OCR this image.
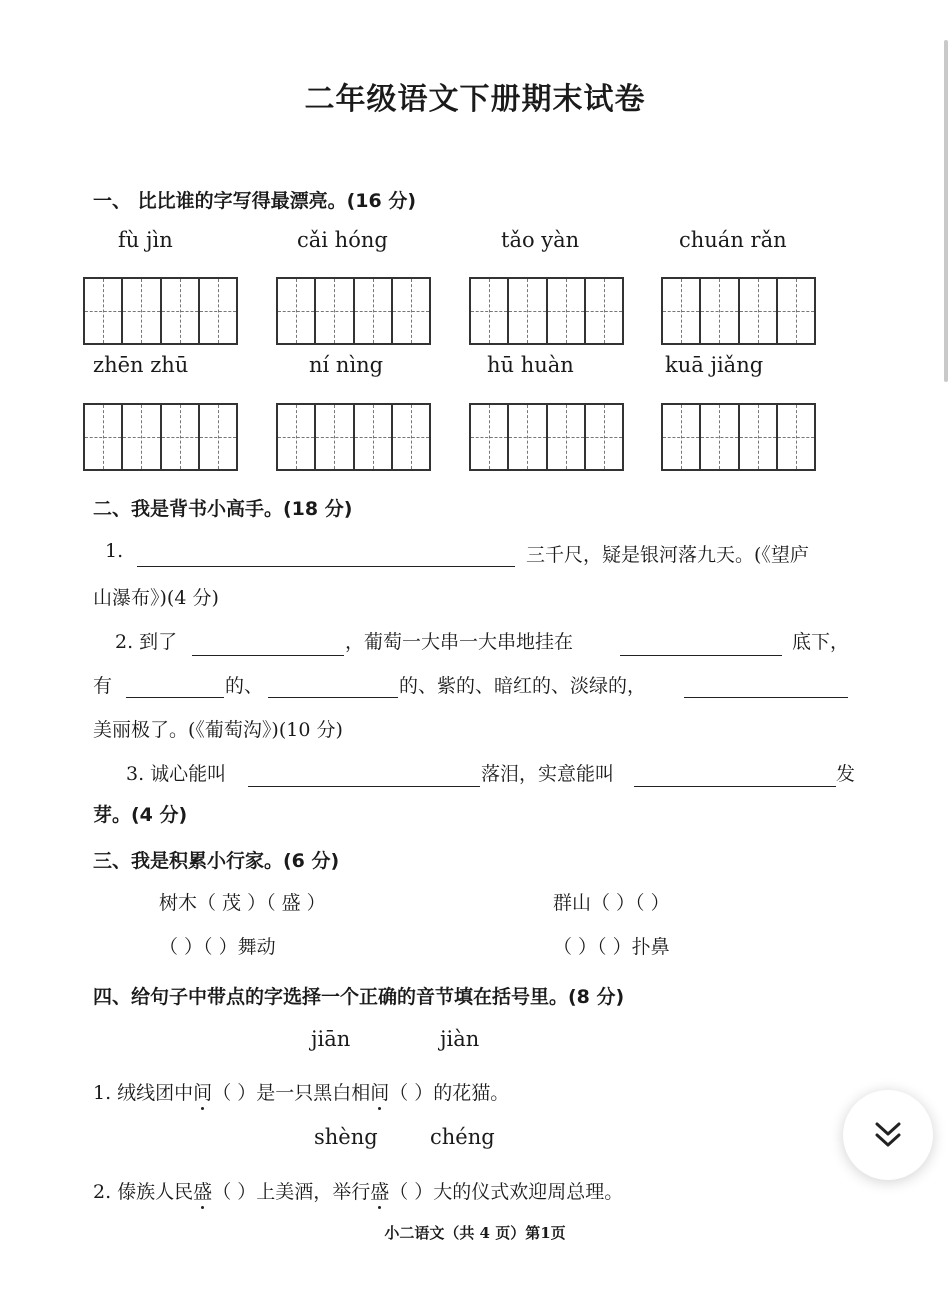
二年级语文下册期末试卷
一、 比比谁的字写得最漂亮。(16 分)
fù jìn	cǎi hóng	tǎo yàn	chuán rǎn
zhēn zhū	ní nìng	hū huàn	kuā jiǎng
二、我是背书小高手。(18 分)
1.	三千尺，疑是银河落九天。(《望庐
山瀑布》)(4 分)
2. 到了	，葡萄一大串一大串地挂在	底下，
有	的、	的、紫的、暗红的、淡绿的，
美丽极了。(《葡萄沟》)(10 分)
3. 诚心能叫	落泪，实意能叫	发
芽。(4 分)
三、我是积累小行家。(6 分)
树木（ 茂 ）（ 盛 ）	群山（ ）（ ）
（ ）（ ）舞动	（ ）（ ）扑鼻
四、给句子中带点的字选择一个正确的音节填在括号里。(8 分)
jiān	jiàn
1. 绒线团中间（ ）是一只黑白相间（ ）的花猫。
shèng chéng
2. 傣族人民盛（ ）上美酒，举行盛（ ）大的仪式欢迎周总理。
小二语文（共 4 页）第1页
